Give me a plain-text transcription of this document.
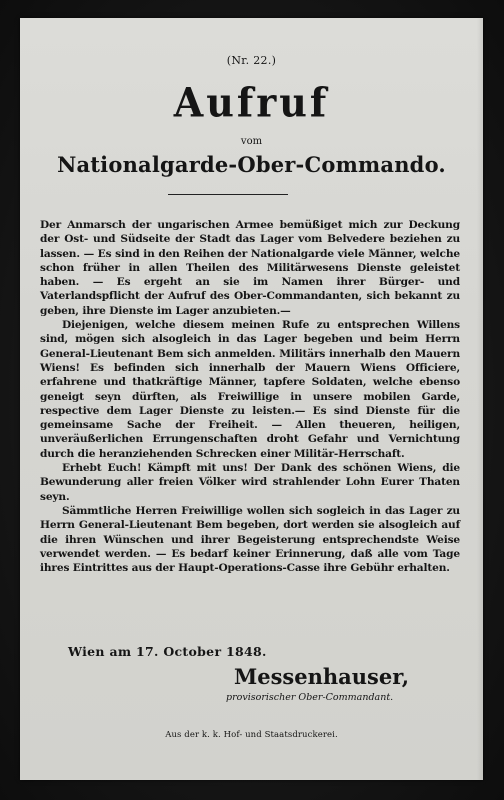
(Nr. 22.)
Aufruf
vom
Nationalgarde-Ober-Commando.

Der Anmarsch der ungarischen Armee bemüßiget mich zur Deckung der Ost- und Südseite der Stadt das Lager vom Belvedere beziehen zu lassen. — Es sind in den Reihen der Nationalgarde viele Männer, welche schon früher in allen Theilen des Militärwesens Dienste geleistet haben. — Es ergeht an sie im Namen ihrer Bürger- und Vaterlandspflicht der Aufruf des Ober-Commandanten, sich bekannt zu geben, ihre Dienste im Lager anzubieten.—

Diejenigen, welche diesem meinen Rufe zu entsprechen Willens sind, mögen sich alsogleich in das Lager begeben und beim Herrn General-Lieutenant Bem sich anmelden. Militärs innerhalb den Mauern Wiens! Es befinden sich innerhalb der Mauern Wiens Officiere, erfahrene und thatkräftige Männer, tapfere Soldaten, welche ebenso geneigt seyn dürften, als Freiwillige in unsere mobilen Garde, respective dem Lager Dienste zu leisten.— Es sind Dienste für die gemeinsame Sache der Freiheit. — Allen theueren, heiligen, unveräußerlichen Errungenschaften droht Gefahr und Vernichtung durch die heranziehenden Schrecken einer Militär-Herrschaft.

Erhebt Euch! Kämpft mit uns! Der Dank des schönen Wiens, die Bewunderung aller freien Völker wird strahlender Lohn Eurer Thaten seyn.

Sämmtliche Herren Freiwillige wollen sich sogleich in das Lager zu Herrn General-Lieutenant Bem begeben, dort werden sie alsogleich auf die ihren Wünschen und ihrer Begeisterung entsprechendste Weise verwendet werden. — Es bedarf keiner Erinnerung, daß alle vom Tage ihres Eintrittes aus der Haupt-Operations-Casse ihre Gebühr erhalten.

Wien am 17. October 1848.
Messenhauser,
provisorischer Ober-Commandant.
Aus der k. k. Hof- und Staatsdruckerei.
